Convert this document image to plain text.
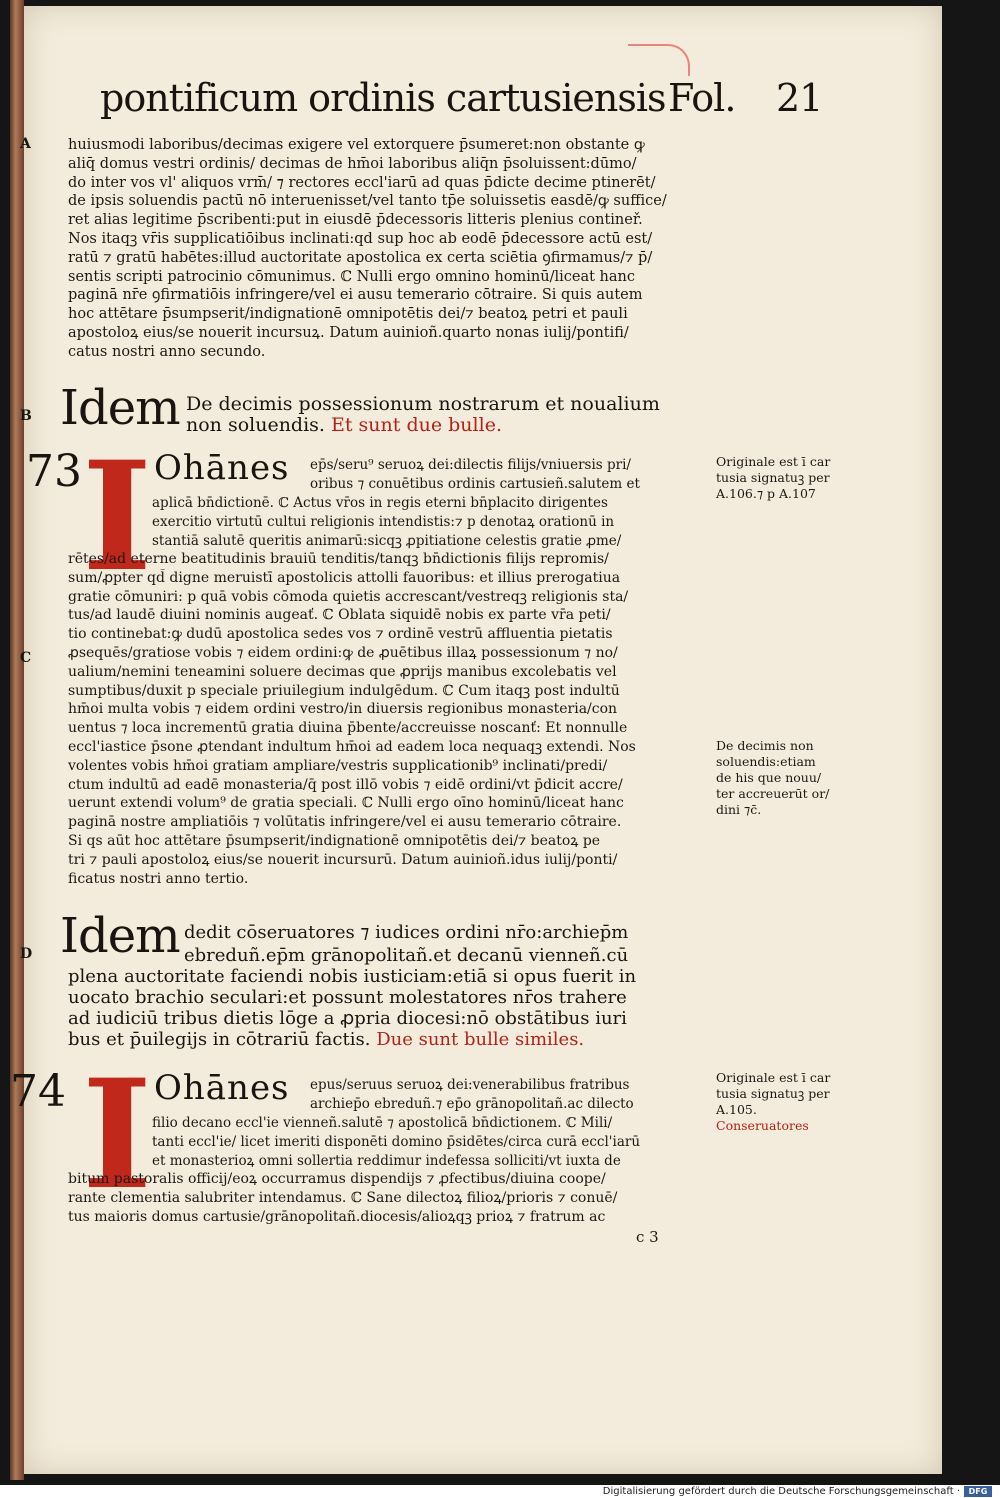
pontificum ordinis cartusiensis Fol. 21
A
B
C
D
huiusmodi laboribus/decimas exigere vel extorquere p̄sumeret:non obstante ꝙ
aliq̄ domus vestri ordinis/ decimas de hm̄oi laboribus aliq̄n p̄soluissent:dūmo/
do inter vos vl' aliquos vrm̄/ ⁊ rectores eccl'iarū ad quas p̄dicte decime ptinerēt/
de ipsis soluendis pactū nō interuenisset/vel tanto tp̄e soluissetis easdē/ꝙ suffice/
ret alias legitime p̄scribenti:put in eiusdē p̄decessoris litteris plenius contineř.
Nos itaqꝫ vr̄is supplicatiōibus inclinati:qd̄ sup hoc ab eodē p̄decessore actū est/
ratū ⁊ gratū habētes:illud auctoritate apostolica ex certa sciētia ꝯfirmamus/⁊ p̄/
sentis scripti patrocinio cōmunimus. ℂ Nulli ergo omnino hominū/liceat hanc
paginā nr̄e ꝯfirmatiōis infringere/vel ei ausu temerario cōtraire. Si quis autem
hoc attētare p̄sumpserit/indignationē omnipotētis dei/⁊ beatoꝝ petri et pauli
apostoloꝝ eius/se nouerit incursuꝝ. Datum auinioñ.quarto nonas iulij/pontifi/
catus nostri anno secundo.
Idem De decimis possessionum nostrarum et noualium
non soluendis. Et sunt due bulle.
73 I Ohānes ep̄s/seru⁹ seruoꝝ dei:dilectis filijs/vniuersis pri/
oribus ⁊ conuētibus ordinis cartusieñ.salutem et
aplicā bn̄dictionē. ℂ Actus vr̄os in regis eterni bn̄placito dirigentes
exercitio virtutū cultui religionis intendistis:⁊ p denotaꝝ orationū in
stantiā salutē queritis animarū:sicqꝫ ꝓpitiatione celestis gratie ꝓme/
rētes/ad eterne beatitudinis brauiū tenditis/tanqꝫ bn̄dictionis filijs repromis/
sum/ꝓpter qd̄ digne meruistī apostolicis attolli fauoribus: et illius prerogatiua
gratie cōmuniri: p quā vobis cōmoda quietis accrescant/vestreqꝫ religionis sta/
tus/ad laudē diuini nominis augeať. ℂ Oblata siquidē nobis ex parte vr̄a peti/
tio continebat:ꝙ dudū apostolica sedes vos ⁊ ordinē vestrū affluentia pietatis
ꝓsequēs/gratiose vobis ⁊ eidem ordini:ꝙ de ꝓuētibus illaꝝ possessionum ⁊ no/
ualium/nemini teneamini soluere decimas que ꝓprijs manibus excolebatis vel
sumptibus/duxit p speciale priuilegium indulgēdum. ℂ Cum itaqꝫ post indultū
hm̄oi multa vobis ⁊ eidem ordini vestro/in diuersis regionibus monasteria/con
uentus ⁊ loca incrementū gratia diuina p̄bente/accreuisse noscanť: Et nonnulle
eccl'iastice p̄sone ꝓtendant indultum hm̄oi ad eadem loca nequaqꝫ extendi. Nos
volentes vobis hm̄oi gratiam ampliare/vestris supplicationib⁹ inclinati/predi/
ctum indultū ad eadē monasteria/q̄ post illō vobis ⁊ eidē ordini/vt p̄dicit accre/
uerunt extendi volum⁹ de gratia speciali. ℂ Nulli ergo oīno hominū/liceat hanc
paginā nostre ampliatiōis ⁊ volūtatis infringere/vel ei ausu temerario cōtraire.
Si qs aūt hoc attētare p̄sumpserit/indignationē omnipotētis dei/⁊ beatoꝝ pe
tri ⁊ pauli apostoloꝝ eius/se nouerit incursurū. Datum auinioñ.idus iulij/ponti/
ficatus nostri anno tertio.
Idem dedit cōseruatores ⁊ iudices ordini nr̄o:archiep̄m
ebreduñ.ep̄m grānopolitañ.et decanū vienneñ.cū
plena auctoritate faciendi nobis iusticiam:etiā si opus fuerit in
uocato brachio seculari:et possunt molestatores nr̄os trahere
ad iudiciū tribus dietis lōge a ꝓpria diocesi:nō obstātibus iuri
bus et p̄uilegijs in cōtrariū factis. Due sunt bulle similes.
74 I Ohānes epus/seruus seruoꝝ dei:venerabilibus fratribus
archiep̄o ebreduñ.⁊ ep̄o grānopolitañ.ac dilecto
filio decano eccl'ie vienneñ.salutē ⁊ apostolicā bn̄dictionem. ℂ Mili/
tanti eccl'ie/ licet imeriti disponēti domino p̄sidētes/circa curā eccl'iarū
et monasterioꝝ omni sollertia reddimur indefessa solliciti/vt iuxta de
bitum pastoralis officij/eoꝝ occurramus dispendijs ⁊ ꝓfectibus/diuina coope/
rante clementia salubriter intendamus. ℂ Sane dilectoꝝ filioꝝ/prioris ⁊ conuē/
tus maioris domus cartusie/grānopolitañ.diocesis/alioꝝqꝫ prioꝝ ⁊ fratrum ac
Originale est ī car
tusia signatuꝫ per
A.106.⁊ p A.107
De decimis non
soluendis:etiam
de his que nouu/
ter accreuerūt or/
dini ⁊c̄.
Originale est ī car
tusia signatuꝫ per
A.105.
Conseruatores
c 3
Digitalisierung gefördert durch die Deutsche Forschungsgemeinschaft ·	DFG
